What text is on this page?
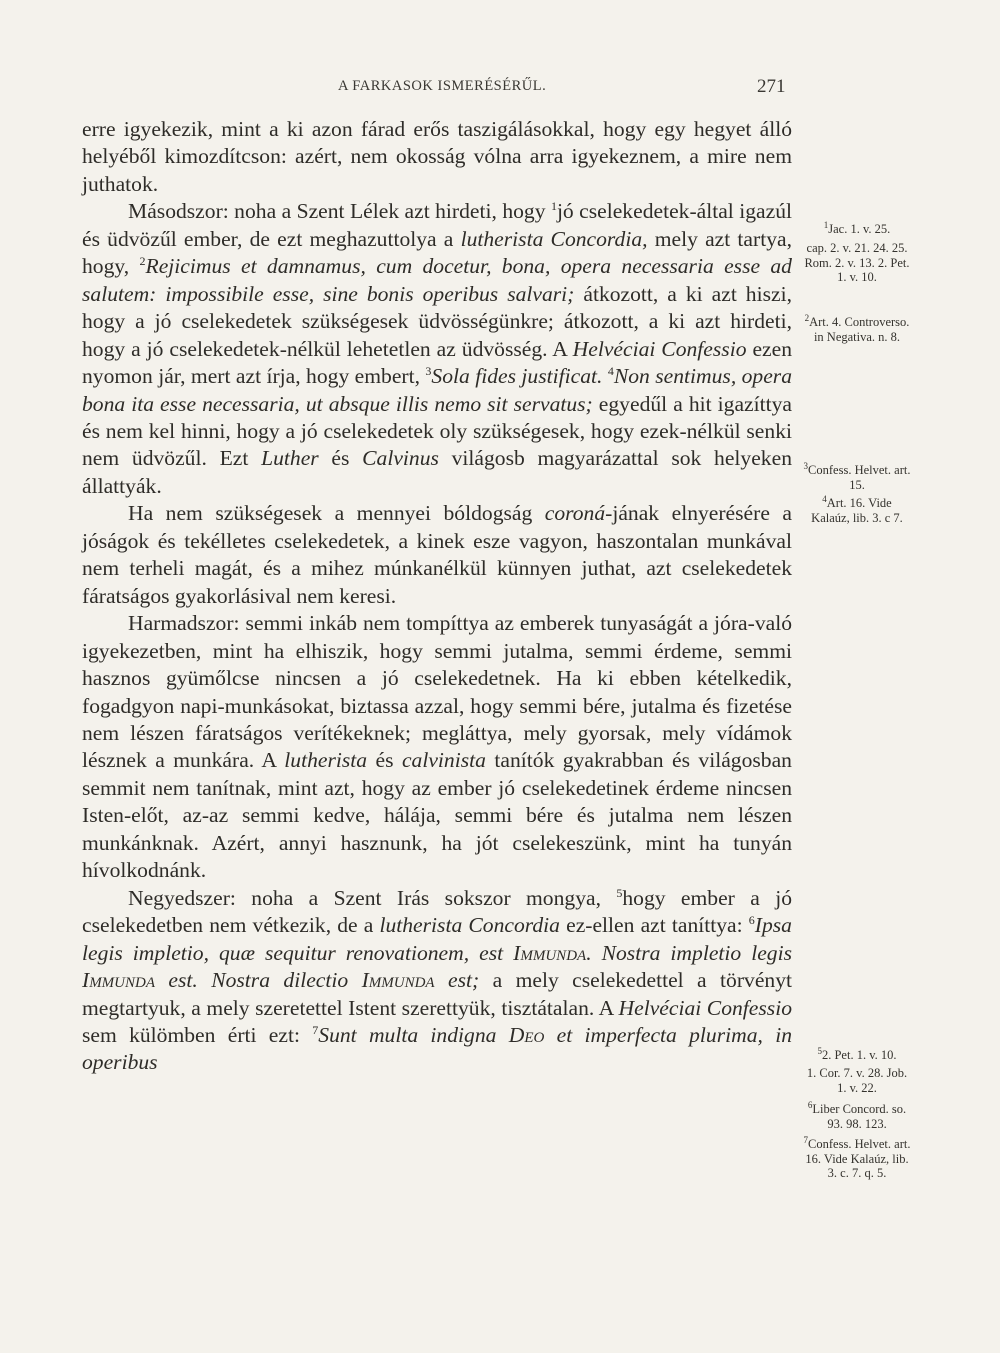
A FARKASOK ISMERÉSÉRŰL.	271

erre igyekezik, mint a ki azon fárad erős taszigálásokkal, hogy egy hegyet álló helyéből kimozdítcson: azért, nem okosság vólna arra igyekeznem, a mire nem juthatok.

Másodszor: noha a Szent Lélek azt hirdeti, hogy $^1$jó cselekedetek-által igazúl és üdvözűl ember, de ezt meghazuttolya a lutherista Concordia, mely azt tartya, hogy, $^2$Rejicimus et damnamus, cum docetur, bona, opera necessaria esse ad salutem: impossibile esse, sine bonis operibus salvari; átkozott, a ki azt hiszi, hogy a jó cselekedetek szükségesek üdvösségünkre; átkozott, a ki azt hirdeti, hogy a jó cselekedetek-nélkül lehetetlen az üdvösség. A Helvéciai Confessio ezen nyomon jár, mert azt írja, hogy embert, $^3$Sola fides justificat. $^4$Non sentimus, opera bona ita esse necessaria, ut absque illis nemo sit servatus; egyedűl a hit igazíttya és nem kel hinni, hogy a jó cselekedetek oly szükségesek, hogy ezek-nélkül senki nem üdvözűl. Ezt Luther és Calvinus világosb magyarázattal sok helyeken állattyák.

Ha nem szükségesek a mennyei bóldogság coroná-jának elnyerésére a jóságok és tekélletes cselekedetek, a kinek esze vagyon, haszontalan munkával nem terheli magát, és a mihez múnkanélkül künnyen juthat, azt cselekedetek fáratságos gyakorlásival nem keresi.

Harmadszor: semmi inkáb nem tompíttya az emberek tunyaságát a jóra-való igyekezetben, mint ha elhiszik, hogy semmi jutalma, semmi érdeme, semmi hasznos gyümőlcse nincsen a jó cselekedetnek. Ha ki ebben kételkedik, fogadgyon napi-munkásokat, biztassa azzal, hogy semmi bére, jutalma és fizetése nem lészen fáratságos verítékeknek; megláttya, mely gyorsak, mely vídámok lésznek a munkára. A lutherista és calvinista tanítók gyakrabban és világosban semmit nem tanítnak, mint azt, hogy az ember jó cselekedetinek érdeme nincsen Isten-előt, az-az semmi kedve, hálája, semmi bére és jutalma nem lészen munkánknak. Azért, annyi hasznunk, ha jót cselekeszünk, mint ha tunyán hívolkodnánk.

Negyedszer: noha a Szent Irás sokszor mongya, $^5$hogy ember a jó cselekedetben nem vétkezik, de a lutherista Concordia ez-ellen azt taníttya: $^6$Ipsa legis impletio, quæ sequitur renovationem, est Immunda. Nostra impletio legis Immunda est. Nostra dilectio Immunda est; a mely cselekedettel a törvényt megtartyuk, a mely szeretettel Istent szerettyük, tisztátalan. A Helvéciai Confessio sem külömben érti ezt: $^7$Sunt multa indigna Deo et imperfecta plurima, in operibus

$^1$Jac. 1. v. 25.
cap. 2. v. 21. 24. 25. Rom. 2. v. 13. 2. Pet. 1. v. 10.
$^2$Art. 4. Controverso. in Negativa. n. 8.
$^3$Confess. Helvet. art. 15.
$^4$Art. 16. Vide Kalaúz, lib. 3. c 7.
$^5$2. Pet. 1. v. 10.
1. Cor. 7. v. 28. Job. 1. v. 22.
$^6$Liber Concord. so. 93. 98. 123.
$^7$Confess. Helvet. art. 16. Vide Kalaúz, lib. 3. c. 7. q. 5.
